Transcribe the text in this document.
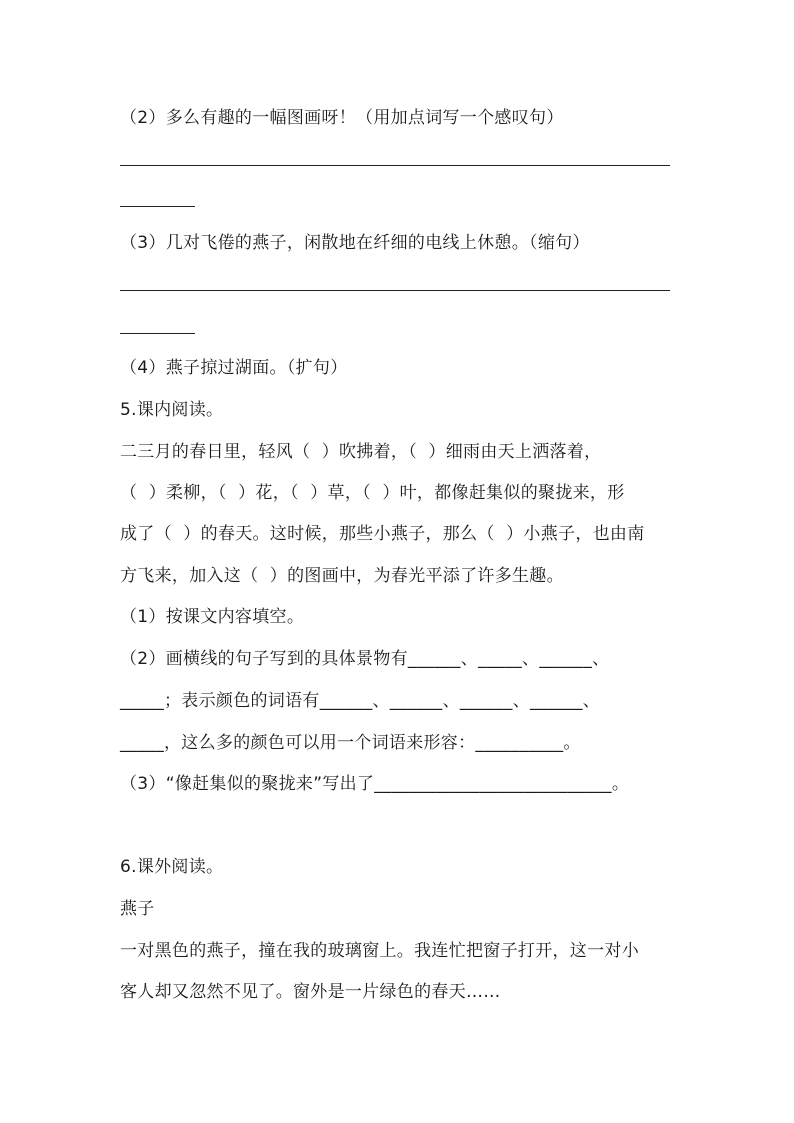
（2）多么有趣的一幅图画呀！（用加点词写一个感叹句）
（3）几对飞倦的燕子，闲散地在纤细的电线上休憩。（缩句）
（4）燕子掠过湖面。（扩句）
5.课内阅读。
二三月的春日里，轻风（  ）吹拂着，（  ）细雨由天上洒落着，
（  ）柔柳，（  ）花，（  ）草，（  ）叶，都像赶集似的聚拢来，形
成了（  ）的春天。这时候，那些小燕子，那么（  ）小燕子，也由南
方飞来，加入这（  ）的图画中，为春光平添了许多生趣。
（1）按课文内容填空。
（2）画横线的句子写到的具体景物有______、_____、______、
_____；表示颜色的词语有______、______、______、______、
_____，这么多的颜色可以用一个词语来形容：__________。
（3）“像赶集似的聚拢来”写出了___________________________。
6.课外阅读。
燕子
一对黑色的燕子，撞在我的玻璃窗上。我连忙把窗子打开，这一对小
客人却又忽然不见了。窗外是一片绿色的春天……
